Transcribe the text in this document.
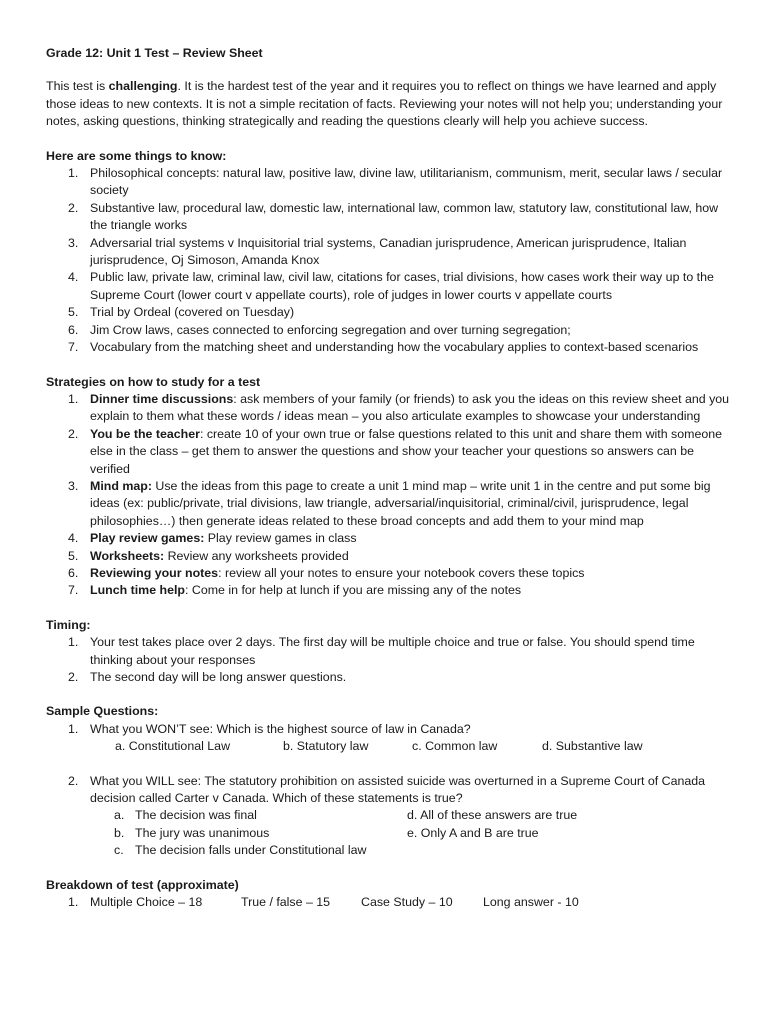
Grade 12: Unit 1 Test – Review Sheet

This test is challenging. It is the hardest test of the year and it requires you to reflect on things we have learned and apply those ideas to new contexts. It is not a simple recitation of facts. Reviewing your notes will not help you; understanding your notes, asking questions, thinking strategically and reading the questions clearly will help you achieve success.

Here are some things to know:
1. Philosophical concepts: natural law, positive law, divine law, utilitarianism, communism, merit, secular laws / secular society
2. Substantive law, procedural law, domestic law, international law, common law, statutory law, constitutional law, how the triangle works
3. Adversarial trial systems v Inquisitorial trial systems, Canadian jurisprudence, American jurisprudence, Italian jurisprudence, Oj Simoson, Amanda Knox
4. Public law, private law, criminal law, civil law, citations for cases, trial divisions, how cases work their way up to the Supreme Court (lower court v appellate courts), role of judges in lower courts v appellate courts
5. Trial by Ordeal (covered on Tuesday)
6. Jim Crow laws, cases connected to enforcing segregation and over turning segregation;
7. Vocabulary from the matching sheet and understanding how the vocabulary applies to context-based scenarios
Strategies on how to study for a test
1. Dinner time discussions: ask members of your family (or friends) to ask you the ideas on this review sheet and you explain to them what these words / ideas mean – you also articulate examples to showcase your understanding
2. You be the teacher: create 10 of your own true or false questions related to this unit and share them with someone else in the class – get them to answer the questions and show your teacher your questions so answers can be verified
3. Mind map: Use the ideas from this page to create a unit 1 mind map – write unit 1 in the centre and put some big ideas (ex: public/private, trial divisions, law triangle, adversarial/inquisitorial, criminal/civil, jurisprudence, legal philosophies…) then generate ideas related to these broad concepts and add them to your mind map
4. Play review games: Play review games in class
5. Worksheets: Review any worksheets provided
6. Reviewing your notes: review all your notes to ensure your notebook covers these topics
7. Lunch time help: Come in for help at lunch if you are missing any of the notes
Timing:
1. Your test takes place over 2 days. The first day will be multiple choice and true or false. You should spend time thinking about your responses
2. The second day will be long answer questions.
Sample Questions:
1. What you WON’T see: Which is the highest source of law in Canada?
a. Constitutional Law	b. Statutory law	c. Common law	d. Substantive law
2. What you WILL see: The statutory prohibition on assisted suicide was overturned in a Supreme Court of Canada decision called Carter v Canada. Which of these statements is true?
a. The decision was final	d. All of these answers are true
b. The jury was unanimous	e. Only A and B are true
c. The decision falls under Constitutional law
Breakdown of test (approximate)
1. Multiple Choice – 18	True / false – 15 Case Study – 10 Long answer - 10
